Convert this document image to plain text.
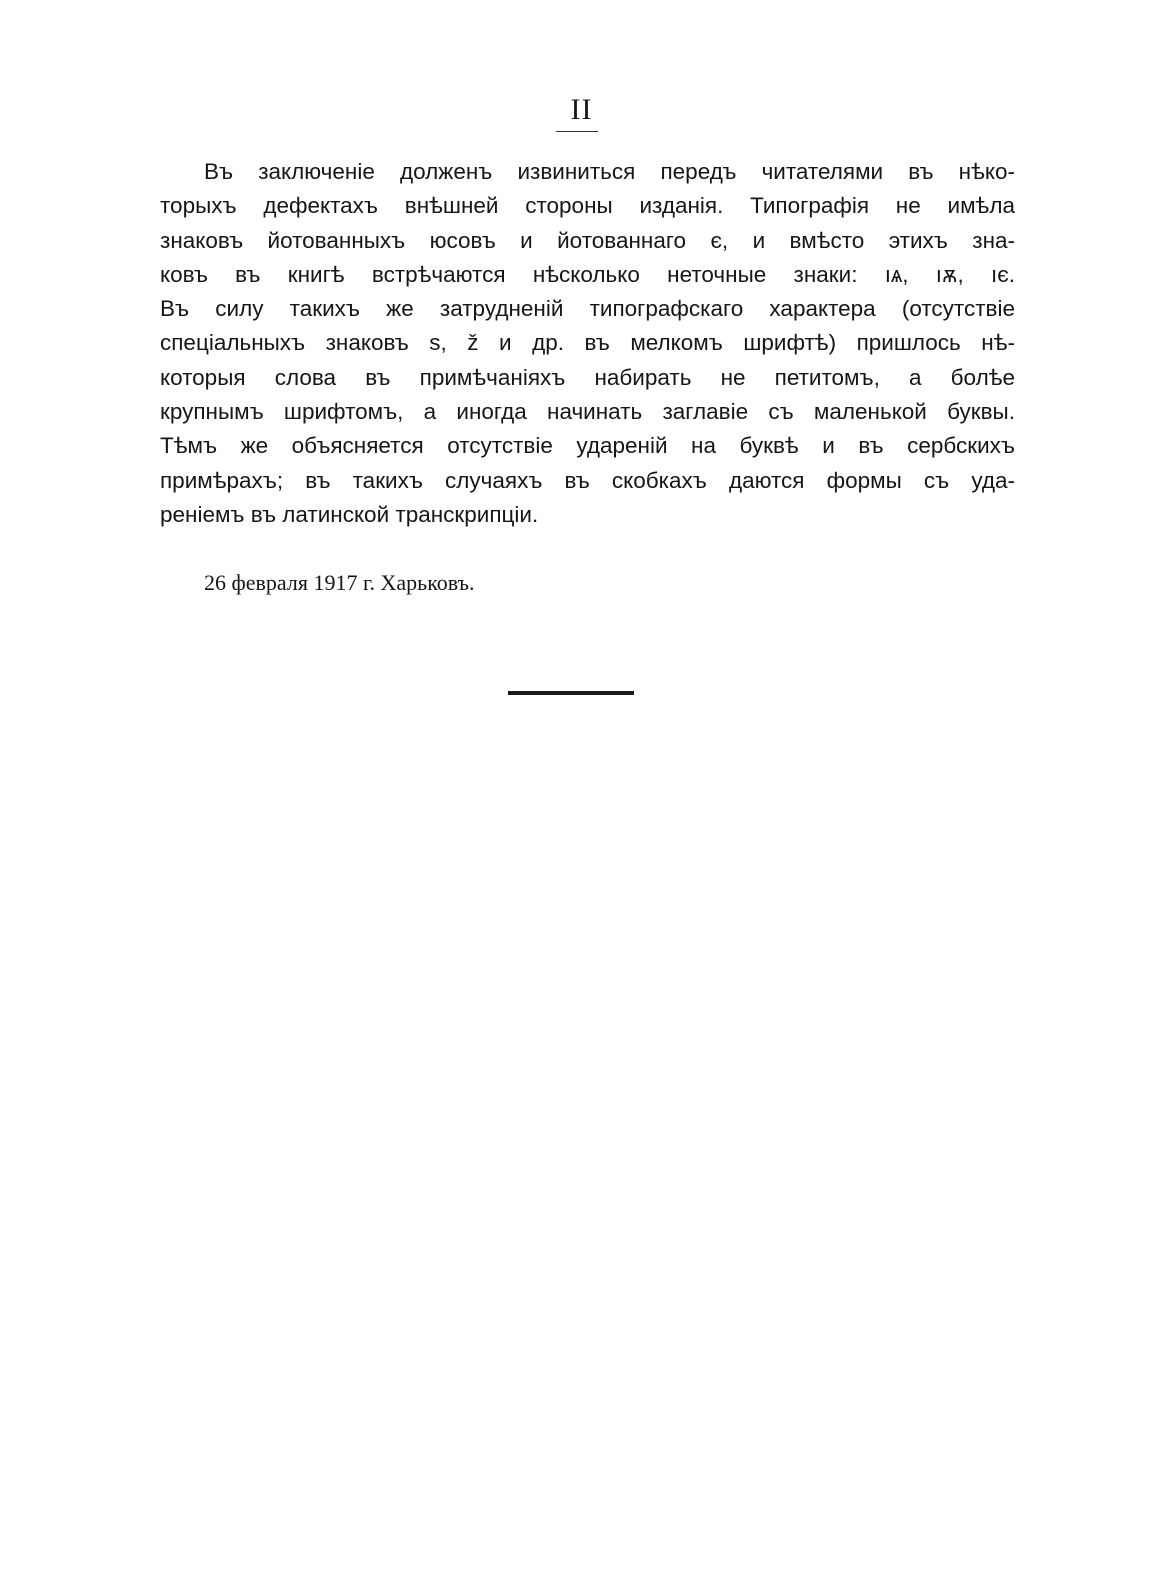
II
Въ заключеніе долженъ извиниться передъ читателями въ нѣко-
торыхъ дефектахъ внѣшней стороны изданія. Типографія не имѣла
знаковъ йотованныхъ юсовъ и йотованнаго є, и вмѣсто этихъ зна-
ковъ въ книгѣ встрѣчаются нѣсколько неточные знаки: ıѧ, ıѫ, ıє.
Въ силу такихъ же затрудненій типографскаго характера (отсутствіе
спеціальныхъ знаковъ ѕ, ž и др. въ мелкомъ шрифтѣ) пришлось нѣ-
которыя слова въ примѣчаніяхъ набирать не петитомъ, а болѣе
крупнымъ шрифтомъ, а иногда начинать заглавіе съ маленькой буквы.
Тѣмъ же объясняется отсутствіе удареній на буквѣ и въ сербскихъ
примѣрахъ; въ такихъ случаяхъ въ скобкахъ даются формы съ уда-
реніемъ въ латинской транскрипціи.
26 февраля 1917 г. Харьковъ.
